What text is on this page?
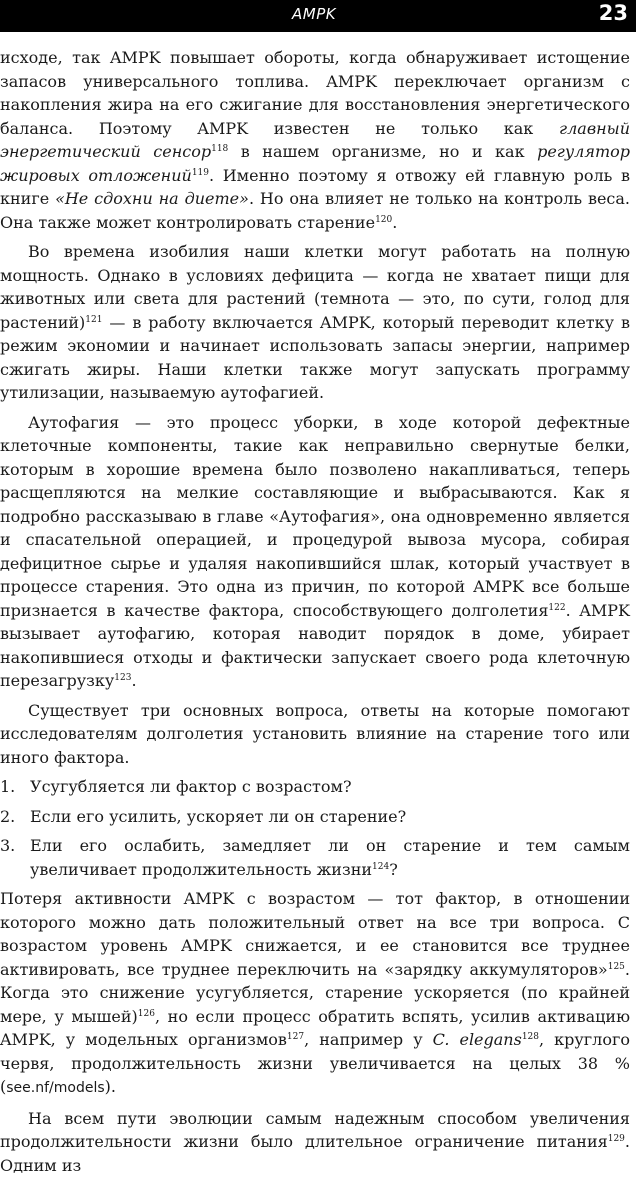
AMPK	23

исходе, так AMPK повышает обороты, когда обнаруживает истощение запасов универсального топлива. AMPK переключает организм с накопления жира на его сжигание для восстановления энергетического баланса. Поэтому AMPK известен не только как главный энергетический сенсор$^{118}$ в нашем организме, но и как регулятор жировых отложений$^{119}$. Именно поэтому я отвожу ей главную роль в книге «Не сдохни на диете». Но она влияет не только на контроль веса. Она также может контролировать старение$^{120}$.

Во времена изобилия наши клетки могут работать на полную мощность. Однако в условиях дефицита — когда не хватает пищи для животных или света для растений (темнота — это, по сути, голод для растений)$^{121}$ — в работу включается AMPK, который переводит клетку в режим экономии и начинает использовать запасы энергии, например сжигать жиры. Наши клетки также могут запускать программу утилизации, называемую аутофагией.

Аутофагия — это процесс уборки, в ходе которой дефектные клеточные компоненты, такие как неправильно свернутые белки, которым в хорошие времена было позволено накапливаться, теперь расщепляются на мелкие составляющие и выбрасываются. Как я подробно рассказываю в главе «Аутофагия», она одновременно является и спасательной операцией, и процедурой вывоза мусора, собирая дефицитное сырье и удаляя накопившийся шлак, который участвует в процессе старения. Это одна из причин, по которой AMPK все больше признается в качестве фактора, способствующего долголетия$^{122}$. AMPK вызывает аутофагию, которая наводит порядок в доме, убирает накопившиеся отходы и фактически запускает своего рода клеточную перезагрузку$^{123}$.

Существует три основных вопроса, ответы на которые помогают исследователям долголетия установить влияние на старение того или иного фактора.

1. Усугубляется ли фактор с возрастом?
2. Если его усилить, ускоряет ли он старение?
3. Ели его ослабить, замедляет ли он старение и тем самым увеличивает продолжительность жизни$^{124}$?

Потеря активности AMPK с возрастом — тот фактор, в отношении которого можно дать положительный ответ на все три вопроса. С возрастом уровень AMPK снижается, и ее становится все труднее активировать, все труднее переключить на «зарядку аккумуляторов»$^{125}$. Когда это снижение усугубляется, старение ускоряется (по крайней мере, у мышей)$^{126}$, но если процесс обратить вспять, усилив активацию AMPK, у модельных организмов$^{127}$, например у C. elegans$^{128}$, круглого червя, продолжительность жизни увеличивается на целых 38 % (see.nf/models).

На всем пути эволюции самым надежным способом увеличения продолжительности жизни было длительное ограничение питания$^{129}$. Одним из
